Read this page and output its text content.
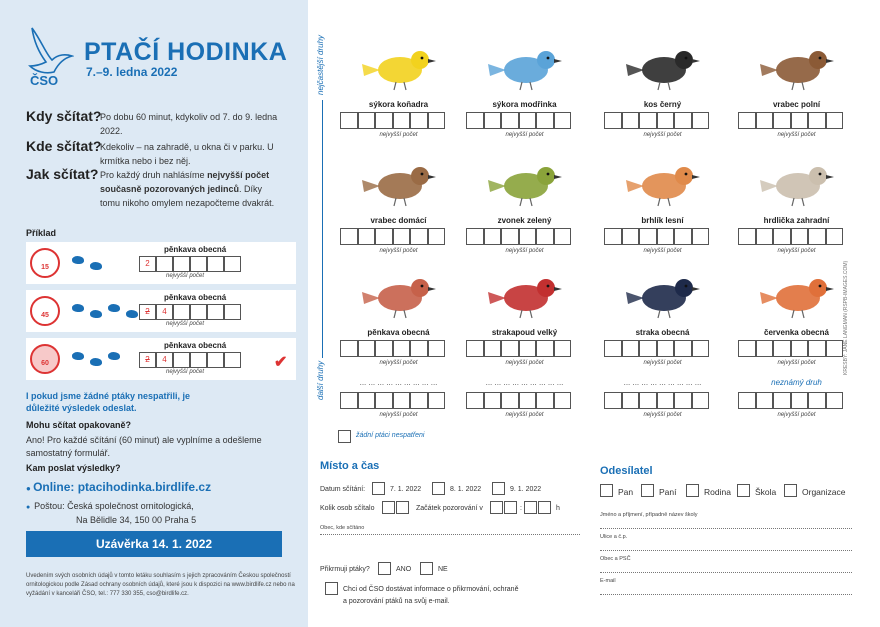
ČSO
PTAČÍ HODINKA
7.–9. ledna 2022
Kdy sčítat?
Po dobu 60 minut, kdykoliv od 7. do 9. ledna 2022.
Kde sčítat?
Kdekoliv – na zahradě, u okna či v parku. U krmítka nebo i bez něj.
Jak sčítat? Pro každý druh nahlásíme nejvyšší počet současně pozorovaných jedinců. Díky tomu nikoho omylem nezapočteme dvakrát.
Příklad
I pokud jsme žádné ptáky nespatřili, je důležité výsledek odeslat.
Mohu sčítat opakovaně?
Ano! Pro každé sčítání (60 minut) ale vyplníme a odešleme samostatný formulář.
Kam poslat výsledky?
● Online: ptacihodinka.birdlife.cz
●  Poštou: Česká společnost ornitologická,
Na Bělidle 34, 150 00 Praha 5
Uzávěrka 14. 1. 2022
Uvedením svých osobních údajů v tomto letáku souhlasím s jejich zpracováním Českou společností ornitologickou podle Zásad ochrany osobních údajů, které jsou k dispozici na www.birdlife.cz nebo na vyžádání v kanceláři ČSO, tel.: 777 330 355, cso@birdlife.cz.
15
pěnkava obecná
2
nejvyšší počet
45
pěnkava obecná
2	4
nejvyšší počet
60
pěnkava obecná
2	4
nejvyšší počet
✔
nejčastější druhy
další druhy
žádní ptáci nespatřeni
KRESBY: JANE LANGMAN (RSPB-IMAGES.COM)
Místo a čas
Datum sčítání:	7. 1. 2022	8. 1. 2022	9. 1. 2022
Kolik osob sčítalo	Začátek pozorování v	:	h
Obec, kde sčítáno
Přikrmuji ptáky?	ANO	NE
Chci od ČSO dostávat informace o přikrmování, ochraně
a pozorování ptáků na svůj e-mail.
Odesílatel
sýkora koňadra
nejvyšší počet
sýkora modřinka
nejvyšší počet
kos černý
nejvyšší počet
vrabec polní
nejvyšší počet
vrabec domácí
nejvyšší počet
zvonek zelený
nejvyšší počet
brhlík lesní
nejvyšší počet
hrdlička zahradní
nejvyšší počet
pěnkava obecná
nejvyšší počet
strakapoud velký
nejvyšší počet
straka obecná
nejvyšší počet
červenka obecná
nejvyšší počet
... ... ... ... ... ... ... ... ...
nejvyšší počet
... ... ... ... ... ... ... ... ...
nejvyšší počet
... ... ... ... ... ... ... ... ...
nejvyšší počet
neznámý druh
nejvyšší počet
Pan	Paní	Rodina	Škola	Organizace
Jméno a příjmení, případně název školy
Ulice a č.p.
Obec a PSČ
E-mail
